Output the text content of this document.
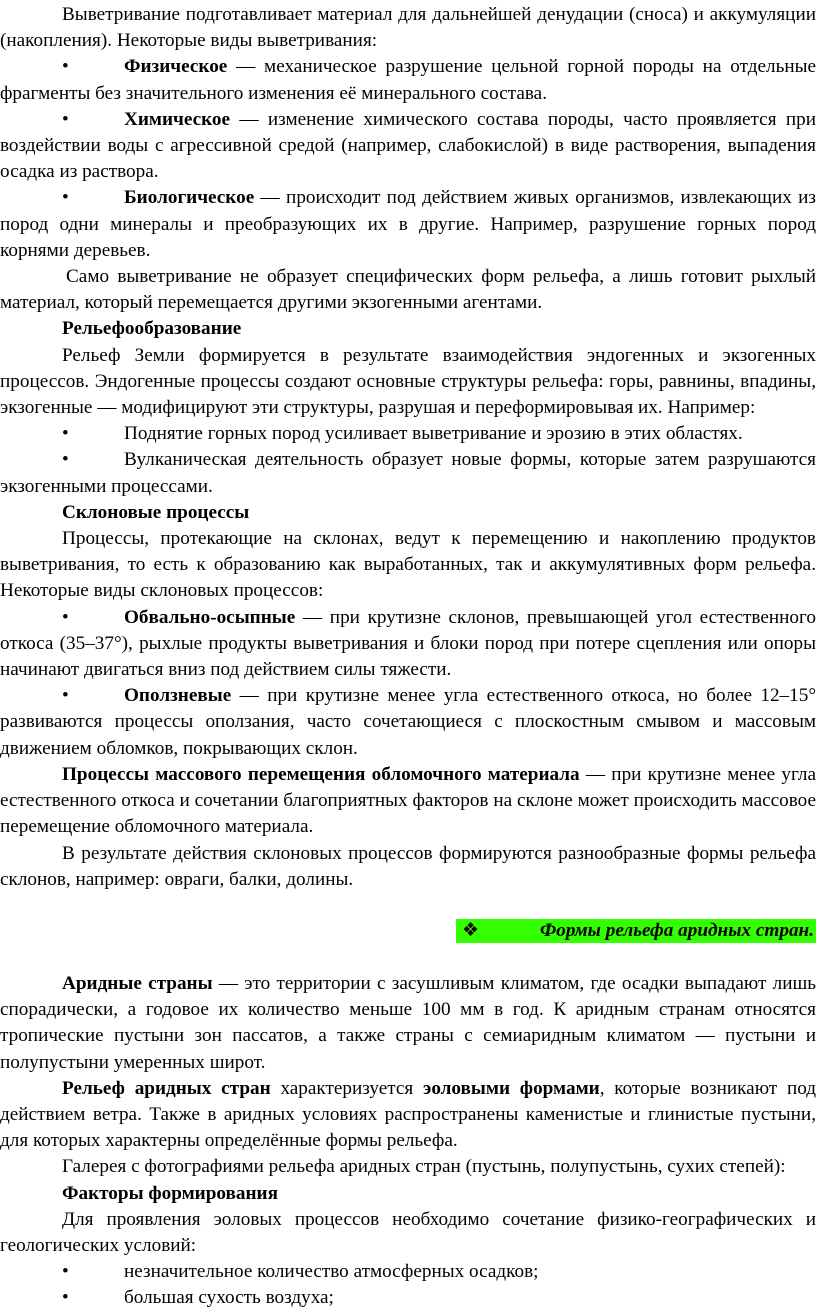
Выветривание подготавливает материал для дальнейшей денудации (сноса) и аккумуляции (накопления). Некоторые виды выветривания:

•	Физическое — механическое разрушение цельной горной породы на отдельные фрагменты без значительного изменения её минерального состава.
•	Химическое — изменение химического состава породы, часто проявляется при воздействии воды с агрессивной средой (например, слабокислой) в виде растворения, выпадения осадка из раствора.
•	Биологическое — происходит под действием живых организмов, извлекающих из пород одни минералы и преобразующих их в другие. Например, разрушение горных пород корнями деревьев.

Само выветривание не образует специфических форм рельефа, а лишь готовит рыхлый материал, который перемещается другими экзогенными агентами.

Рельефообразование

Рельеф Земли формируется в результате взаимодействия эндогенных и экзогенных процессов. Эндогенные процессы создают основные структуры рельефа: горы, равнины, впадины, экзогенные — модифицируют эти структуры, разрушая и переформировывая их. Например:

•	Поднятие горных пород усиливает выветривание и эрозию в этих областях.
•	Вулканическая деятельность образует новые формы, которые затем разрушаются экзогенными процессами.
Склоновые процессы

Процессы, протекающие на склонах, ведут к перемещению и накоплению продуктов выветривания, то есть к образованию как выработанных, так и аккумулятивных форм рельефа. Некоторые виды склоновых процессов:

•	Обвально-осыпные — при крутизне склонов, превышающей угол естественного откоса (35–37°), рыхлые продукты выветривания и блоки пород при потере сцепления или опоры начинают двигаться вниз под действием силы тяжести.
•	Оползневые — при крутизне менее угла естественного откоса, но более 12–15° развиваются процессы оползания, часто сочетающиеся с плоскостным смывом и массовым движением обломков, покрывающих склон.

Процессы массового перемещения обломочного материала — при крутизне менее угла естественного откоса и сочетании благоприятных факторов на склоне может происходить массовое перемещение обломочного материала.

В результате действия склоновых процессов формируются разнообразные формы рельефа склонов, например: овраги, балки, долины.

❖	Формы рельефа аридных стран.

Аридные страны — это территории с засушливым климатом, где осадки выпадают лишь спорадически, а годовое их количество меньше 100 мм в год. К аридным странам относятся тропические пустыни зон пассатов, а также страны с семиаридным климатом — пустыни и полупустыни умеренных широт.

Рельеф аридных стран характеризуется эоловыми формами, которые возникают под действием ветра. Также в аридных условиях распространены каменистые и глинистые пустыни, для которых характерны определённые формы рельефа.

Галерея с фотографиями рельефа аридных стран (пустынь, полупустынь, сухих степей):

Факторы формирования

Для проявления эоловых процессов необходимо сочетание физико-географических и геологических условий:

•	незначительное количество атмосферных осадков;
•	большая сухость воздуха;
